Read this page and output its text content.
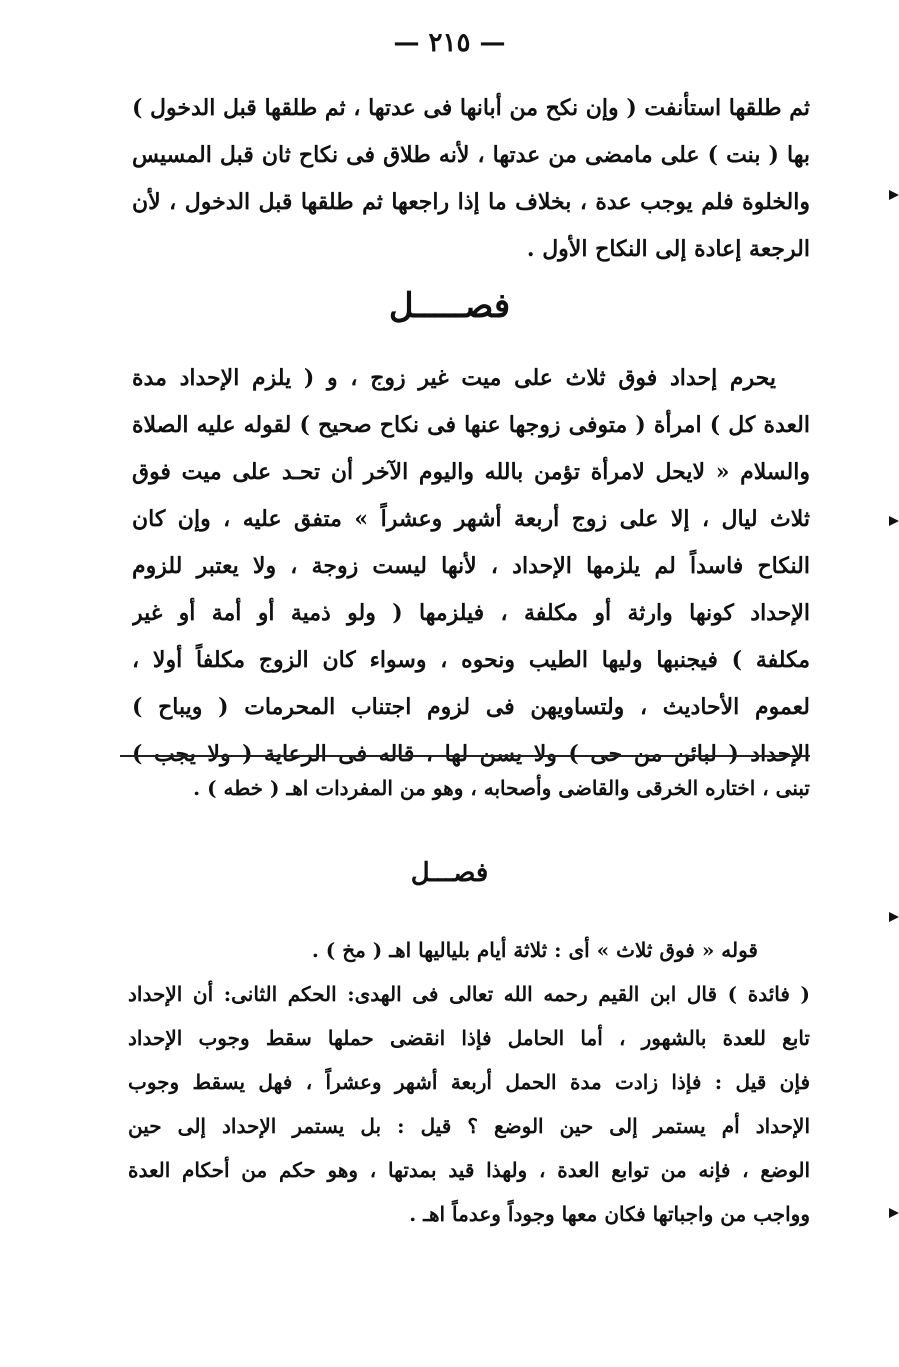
— ٢١٥ —
ثم طلقها استأنفت ( وإن نكح من أبانها فى عدتها ، ثم طلقها قبل الدخول )
بها ( بنت ) على مامضى من عدتها ، لأنه طلاق فى نكاح ثان قبل المسيس
والخلوة فلم يوجب عدة ، بخلاف ما إذا راجعها ثم طلقها قبل الدخول ، لأن
الرجعة إعادة إلى النكاح الأول .
فصـــــل
يحرم إحداد فوق ثلاث على ميت غير زوج ، و ( يلزم الإحداد مدة
العدة كل ) امرأة ( متوفى زوجها عنها فى نكاح صحيح ) لقوله عليه الصلاة
والسلام « لايحل لامرأة تؤمن بالله واليوم الآخر أن تحـد على ميت فوق
ثلاث ليال ، إلا على زوج أربعة أشهر وعشراً » متفق عليه ، وإن كان
النكاح فاسداً لم يلزمها الإحداد ، لأنها ليست زوجة ، ولا يعتبر للزوم
الإحداد كونها وارثة أو مكلفة ، فيلزمها ( ولو ذمية أو أمة أو غير
مكلفة ) فيجنبها وليها الطيب ونحوه ، وسواء كان الزوج مكلفاً أولا ،
لعموم الأحاديث ، ولتساويهن فى لزوم اجتناب المحرمات ( ويباح )
الإحداد ( لبائن من حى ) ولا يسن لها ، قاله فى الرعاية ( ولا يجب )
تبنى ، اختاره الخرقى والقاضى وأصحابه ، وهو من المفردات اهـ ( خطه ) .
فصـــل
قوله « فوق ثلاث » أى : ثلاثة أيام بلياليها اهـ ( مخ ) .
( فائدة ) قال ابن القيم رحمه الله تعالى فى الهدى: الحكم الثانى: أن الإحداد
تابع للعدة بالشهور ، أما الحامل فإذا انقضى حملها سقط وجوب الإحداد
فإن قيل : فإذا زادت مدة الحمل أربعة أشهر وعشراً ، فهل يسقط وجوب
الإحداد أم يستمر إلى حين الوضع ؟ قيل : بل يستمر الإحداد إلى حين
الوضع ، فإنه من توابع العدة ، ولهذا قيد بمدتها ، وهو حكم من أحكام العدة
وواجب من واجباتها فكان معها وجوداً وعدماً اهـ .
